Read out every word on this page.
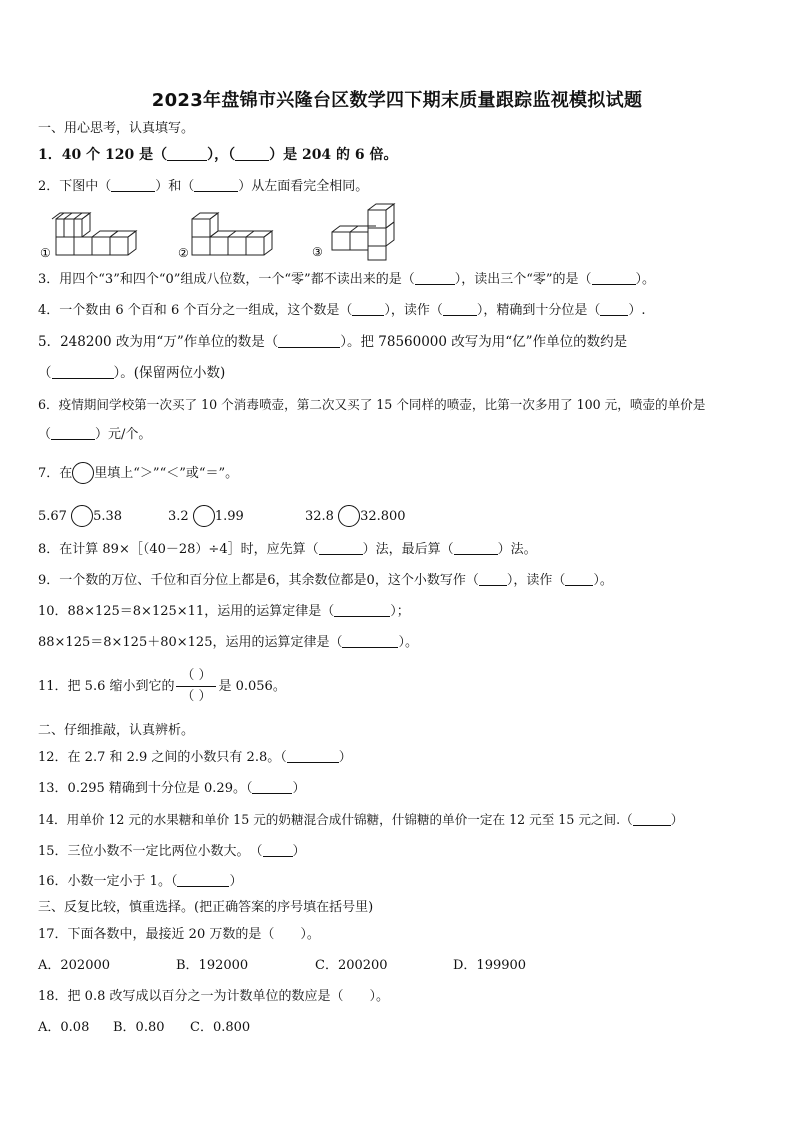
2023年盘锦市兴隆台区数学四下期末质量跟踪监视模拟试题
一、用心思考，认真填写。
1．40 个 120 是（	），（ ）是 204 的 6 倍。
2．下图中（	）和（	）从左面看完全相同。
①	②	③
3．用四个“3”和四个“0”组成八位数，一个“零”都不读出来的是（	），读出三个“零”的是（	）。
4．一个数由 6 个百和 6 个百分之一组成，这个数是（ ），读作（	），精确到十分位是（ ）.
5．248200 改为用“万”作单位的数是（	）。把 78560000 改写为用“亿”作单位的数约是
（	）。(保留两位小数)
6．疫情期间学校第一次买了 10 个消毒喷壶，第二次又买了 15 个同样的喷壶，比第一次多用了 100 元，喷壶的单价是
（	）元/个。
7．在 里填上“＞”“＜”或“＝”。
5.67 5.38	3.2 1.99	32.8 32.800
8．在计算 89×［（40－28）÷4］时，应先算（	）法，最后算（	）法。
9．一个数的万位、千位和百分位上都是6，其余数位都是0，这个小数写作（ ），读作（ ）。
10．88×125＝8×125×11，运用的运算定律是（	）；
88×125＝8×125＋80×125，运用的运算定律是（	）。
11．把 5.6 缩小到它的 $\frac{( )}{( )}$ 是 0.056。
二、仔细推敲，认真辨析。
12．在 2.7 和 2.9 之间的小数只有 2.8。（	）
13．0.295 精确到十分位是 0.29。（	）
14．用单价 12 元的水果糖和单价 15 元的奶糖混合成什锦糖，什锦糖的单价一定在 12 元至 15 元之间.（	）
15．三位小数不一定比两位小数大。　（ ）
16．小数一定小于 1。（	）
三、反复比较，慎重选择。(把正确答案的序号填在括号里)
17．下面各数中，最接近 20 万数的是（　　）。
A．202000	B．192000	C．200200	D．199900
18．把 0.8 改写成以百分之一为计数单位的数应是（　　）。
A．0.08 B．0.80 C．0.800
